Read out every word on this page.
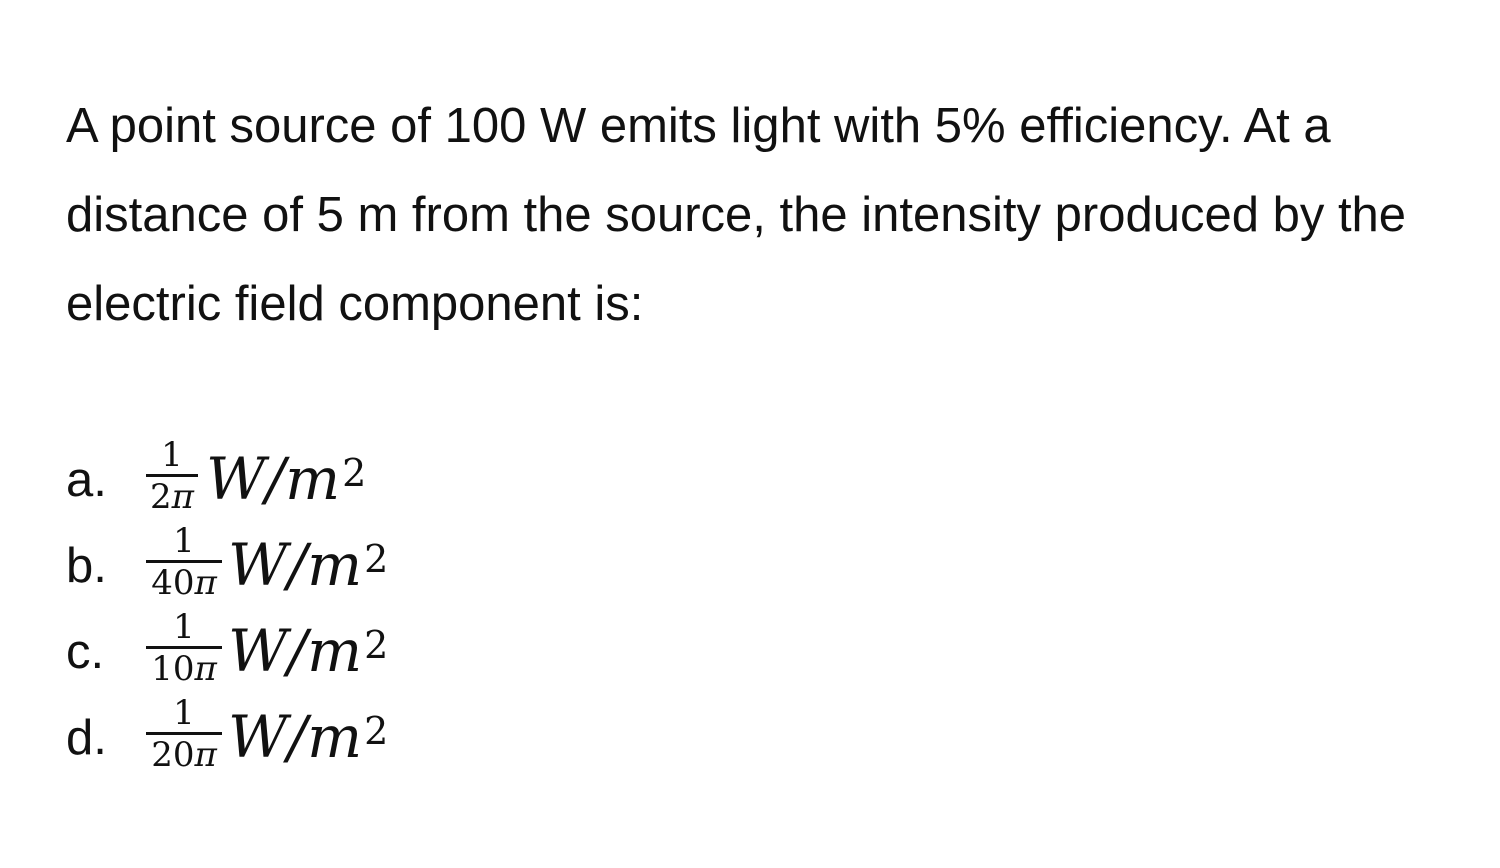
A point source of 100 W emits light with 5% efficiency. At a distance of 5 m from the source, the intensity produced by the electric field component is:
a.	1
2π $W/m^2$
b.	1
40π $W/m^2$
c.	1
10π $W/m^2$
d.	1
20π $W/m^2$
